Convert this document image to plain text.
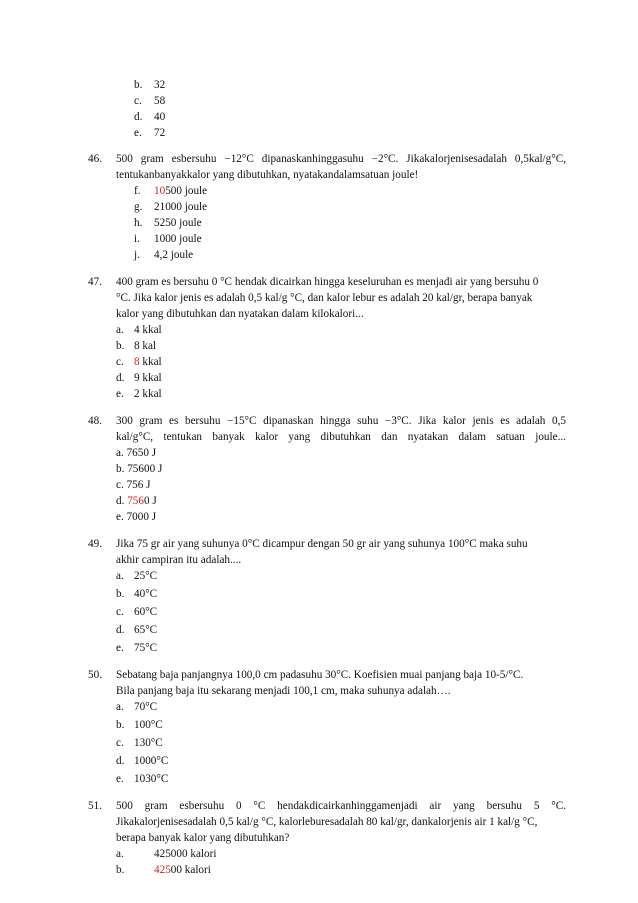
b. 32
c. 58
d. 40
e. 72
46. 500 gram esbersuhu −12°C dipanaskanhinggasuhu −2°C. Jikakalorjenisesadalah 0,5kal/g°C,
tentukanbanyakkalor yang dibutuhkan, nyatakandalamsatuan joule!
f. 10500 joule
g. 21000 joule
h. 5250 joule
i. 1000 joule
j. 4,2 joule
47. 400 gram es bersuhu 0 °C hendak dicairkan hingga keseluruhan es menjadi air yang bersuhu 0
°C. Jika kalor jenis es adalah 0,5 kal/g °C, dan kalor lebur es adalah 20 kal/gr, berapa banyak
kalor yang dibutuhkan dan nyatakan dalam kilokalori...
a. 4 kkal
b. 8 kal
c. 8 kkal
d. 9 kkal
e. 2 kkal
48. 300 gram es bersuhu −15°C dipanaskan hingga suhu −3°C. Jika kalor jenis es adalah 0,5
kal/g°C, tentukan banyak kalor yang dibutuhkan dan nyatakan dalam satuan joule...
a. 7650 J
b. 75600 J
c. 756 J
d. 7560 J
e. 7000 J
49. Jika 75 gr air yang suhunya 0°C dicampur dengan 50 gr air yang suhunya 100°C maka suhu
akhir campiran itu adalah....
a. 25°C
b. 40°C
c. 60°C
d. 65°C
e. 75°C
50. Sebatang baja panjangnya 100,0 cm padasuhu 30°C. Koefisien muai panjang baja 10-5/°C.
Bila panjang baja itu sekarang menjadi 100,1 cm, maka suhunya adalah….
a. 70°C
b. 100°C
c. 130°C
d. 1000°C
e. 1030°C
51. 500 gram esbersuhu 0 °C hendakdicairkanhinggamenjadi air yang bersuhu 5 °C.
Jikakalorjenisesadalah 0,5 kal/g °C, kalorleburesadalah 80 kal/gr, dankalorjenis air 1 kal/g °C,
berapa banyak kalor yang dibutuhkan?
a.	425000 kalori
b.	42500 kalori
